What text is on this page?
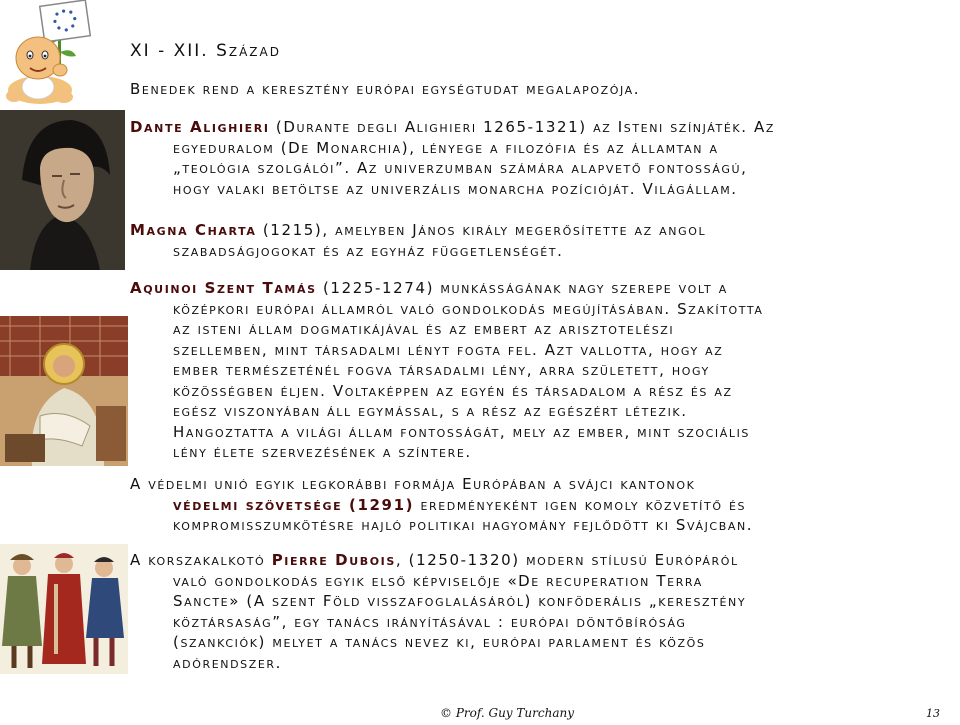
XI - XII. Század
Benedek rend a keresztény európai egységtudat megalapozója.
Dante Alighieri (Durante degli Alighieri 1265-1321) az Isteni színjáték. Az
egyeduralom (De Monarchia), lényege a filozófia és az államtan a
„teológia szolgálói”. Az univerzumban számára alapvető fontosságú,
hogy valaki betöltse az univerzális monarcha pozícióját. Világállam.
Magna Charta (1215), amelyben János király megerősítette az angol
szabadságjogokat és az egyház függetlenségét.
Aquinoi Szent Tamás (1225-1274) munkásságának nagy szerepe volt a
középkori európai államról való gondolkodás megújításában. Szakította
az isteni állam dogmatikájával és az embert az arisztotelészi
szellemben, mint társadalmi lényt fogta fel. Azt vallotta, hogy az
ember természeténél fogva társadalmi lény, arra született, hogy
közösségben éljen. Voltaképpen az egyén és társadalom a rész és az
egész viszonyában áll egymással, s a rész az egészért létezik.
Hangoztatta a világi állam fontosságát, mely az ember, mint szociális
lény élete szervezésének a színtere.
A védelmi unió egyik legkorábbi formája Európában a svájci kantonok
védelmi szövetsége (1291) eredményeként igen komoly közvetítő és
kompromisszumkötésre hajló politikai hagyomány fejlődött ki Svájcban.
A korszakalkotó Pierre Dubois, (1250-1320) modern stílusú Európáról
való gondolkodás egyik első képviselője «De recuperation Terra
Sancte» (A szent Föld visszafoglalásáról) konföderális „keresztény
köztársaság”, egy tanács irányításával : európai döntőbíróság
(szankciók) melyet a tanács nevez ki, európai parlament és közös
adórendszer.
© Prof. Guy Turchany	13
